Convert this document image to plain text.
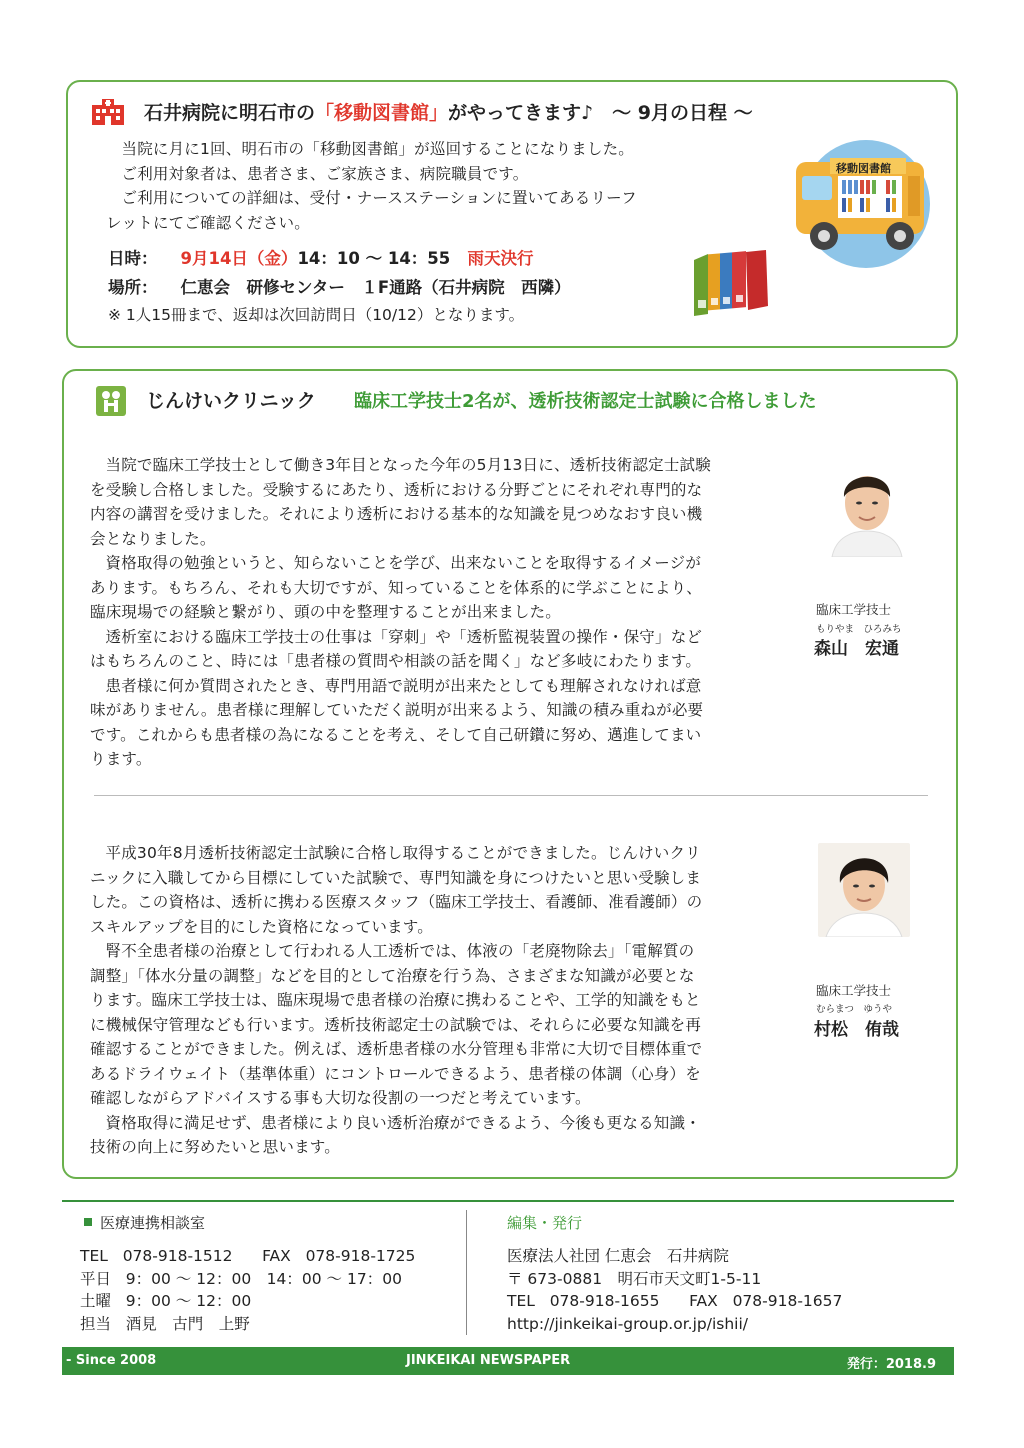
石井病院に明石市の「移動図書館」がやってきます♪　～ 9月の日程 ～

当院に月に1回、明石市の「移動図書館」が巡回することになりました。

ご利用対象者は、患者さま、ご家族さま、病院職員です。

ご利用についての詳細は、受付・ナースステーションに置いてあるリーフ

レットにてご確認ください。

日時： 9月14日（金）14：10 ～ 14：55 雨天決行
場所： 仁恵会　研修センター　１F通路（石井病院　西隣）
※ 1人15冊まで、返却は次回訪問日（10/12）となります。
移動図書館
じんけいクリニック 臨床工学技士2名が、透析技術認定士試験に合格しました

当院で臨床工学技士として働き3年目となった今年の5月13日に、透析技術認定士試験

を受験し合格しました。受験するにあたり、透析における分野ごとにそれぞれ専門的な

内容の講習を受けました。それにより透析における基本的な知識を見つめなおす良い機

会となりました。

資格取得の勉強というと、知らないことを学び、出来ないことを取得するイメージが

あります。もちろん、それも大切ですが、知っていることを体系的に学ぶことにより、

臨床現場での経験と繋がり、頭の中を整理することが出来ました。

透析室における臨床工学技士の仕事は「穿刺」や「透析監視装置の操作・保守」など

はもちろんのこと、時には「患者様の質問や相談の話を聞く」など多岐にわたります。

患者様に何か質問されたとき、専門用語で説明が出来たとしても理解されなければ意

味がありません。患者様に理解していただく説明が出来るよう、知識の積み重ねが必要

です。これからも患者様の為になることを考え、そして自己研鑽に努め、邁進してまい

ります。

臨床工学技士
もりやま　ひろみち
森山　宏通

平成30年8月透析技術認定士試験に合格し取得することができました。じんけいクリ

ニックに入職してから目標にしていた試験で、専門知識を身につけたいと思い受験しま

した。この資格は、透析に携わる医療スタッフ（臨床工学技士、看護師、准看護師）の

スキルアップを目的にした資格になっています。

腎不全患者様の治療として行われる人工透析では、体液の「老廃物除去」「電解質の

調整」「体水分量の調整」などを目的として治療を行う為、さまざまな知識が必要とな

ります。臨床工学技士は、臨床現場で患者様の治療に携わることや、工学的知識をもと

に機械保守管理なども行います。透析技術認定士の試験では、それらに必要な知識を再

確認することができました。例えば、透析患者様の水分管理も非常に大切で目標体重で

あるドライウェイト（基準体重）にコントロールできるよう、患者様の体調（心身）を

確認しながらアドバイスする事も大切な役割の一つだと考えています。

資格取得に満足せず、患者様により良い透析治療ができるよう、今後も更なる知識・

技術の向上に努めたいと思います。

臨床工学技士
むらまつ　ゆうや
村松　侑哉
医療連携相談室
TEL 078-918-1512 FAX 078-918-1725
平日 9：00 ～ 12：00　14：00 ～ 17：00
土曜 9：00 ～ 12：00
担当 酒見　古門　上野
編集・発行
医療法人社団 仁恵会　石井病院
〒 673-0881　明石市天文町1-5-11
TEL 078-918-1655 FAX 078-918-1657
http://jinkeikai-group.or.jp/ishii/
- Since 2008	JINKEIKAI NEWSPAPER	発行：2018.9
